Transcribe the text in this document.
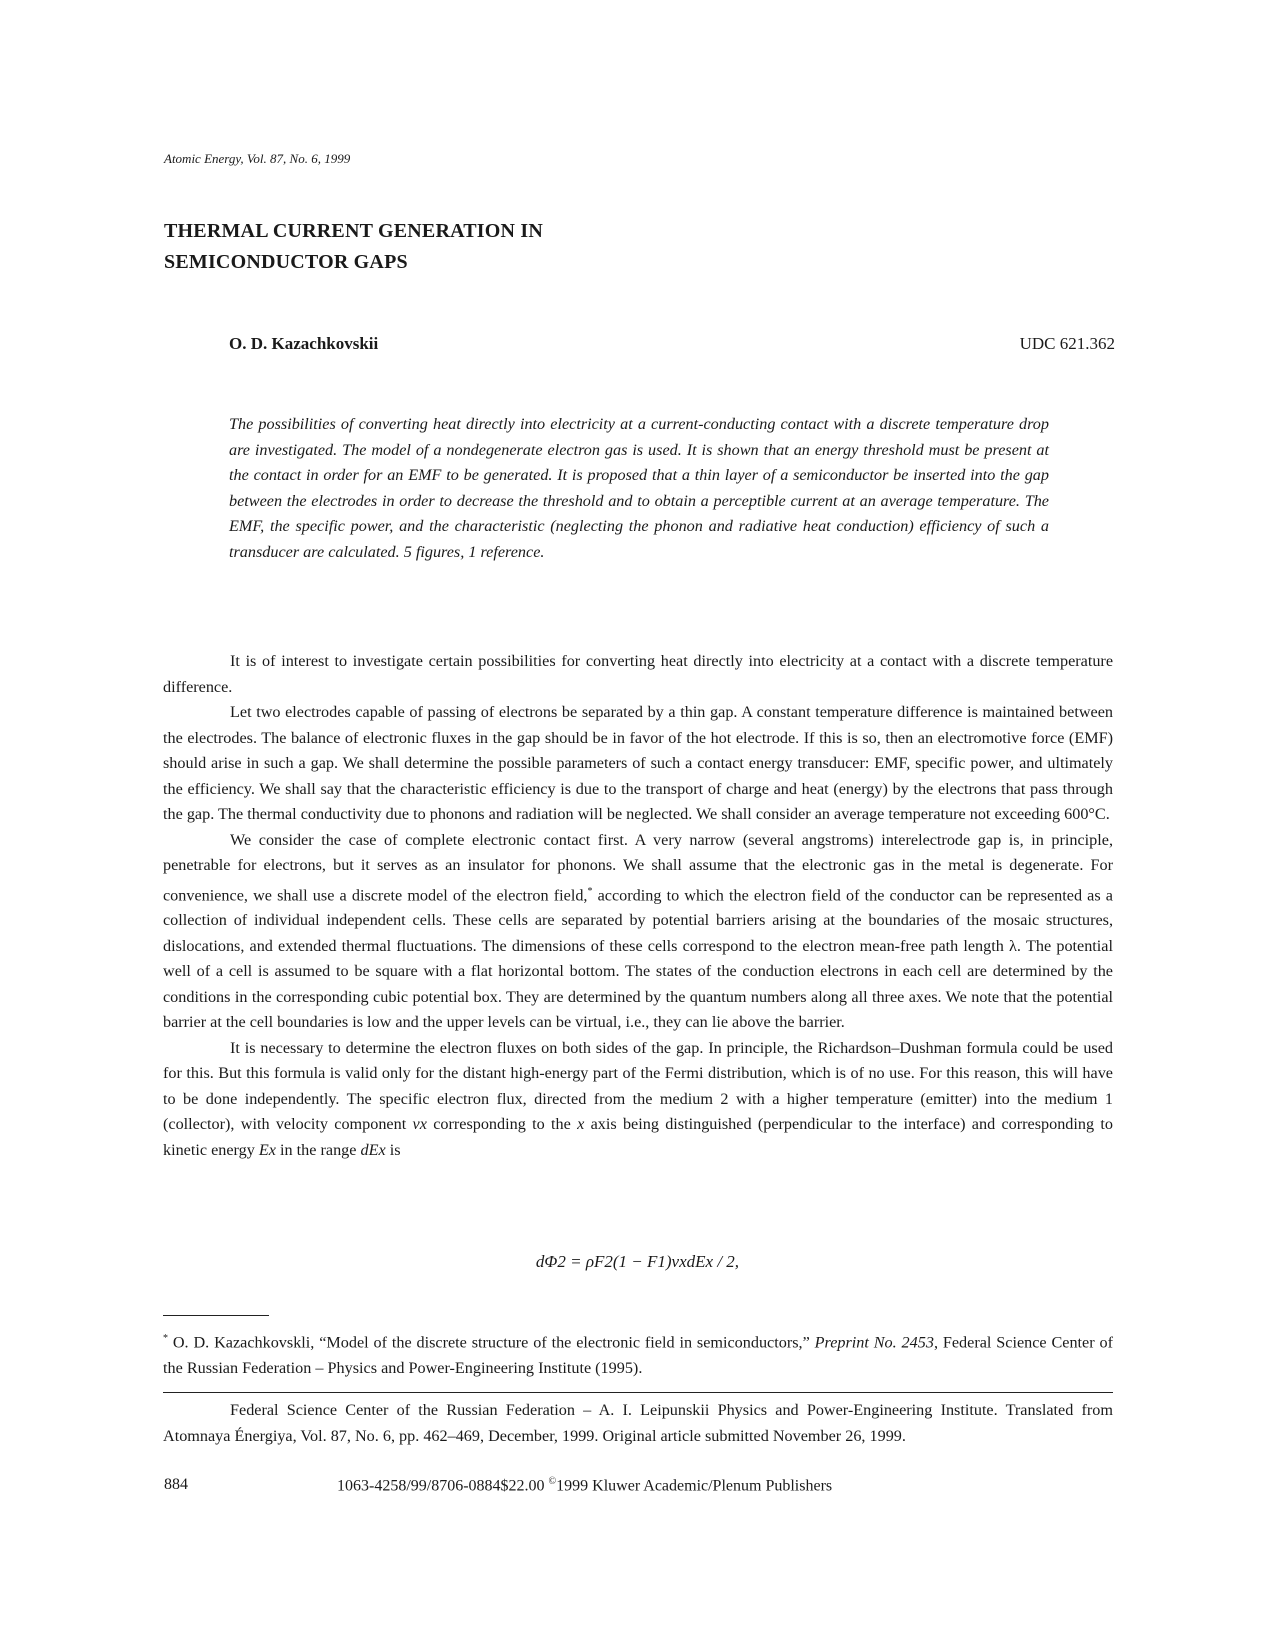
Atomic Energy, Vol. 87, No. 6, 1999
THERMAL CURRENT GENERATION IN
SEMICONDUCTOR GAPS
O. D. Kazachkovskii	UDC 621.362

The possibilities of converting heat directly into electricity at a current-conducting contact with a discrete temperature drop are investigated. The model of a nondegenerate electron gas is used. It is shown that an energy threshold must be present at the contact in order for an EMF to be generated. It is proposed that a thin layer of a semiconductor be inserted into the gap between the electrodes in order to decrease the threshold and to obtain a perceptible current at an average temperature. The EMF, the specific power, and the characteristic (neglecting the phonon and radiative heat conduction) efficiency of such a transducer are calculated. 5 figures, 1 reference.

It is of interest to investigate certain possibilities for converting heat directly into electricity at a contact with a discrete temperature difference.

Let two electrodes capable of passing of electrons be separated by a thin gap. A constant temperature difference is maintained between the electrodes. The balance of electronic fluxes in the gap should be in favor of the hot electrode. If this is so, then an electromotive force (EMF) should arise in such a gap. We shall determine the possible parameters of such a contact energy transducer: EMF, specific power, and ultimately the efficiency. We shall say that the characteristic efficiency is due to the transport of charge and heat (energy) by the electrons that pass through the gap. The thermal conductivity due to phonons and radiation will be neglected. We shall consider an average temperature not exceeding 600°C.

We consider the case of complete electronic contact first. A very narrow (several angstroms) interelectrode gap is, in principle, penetrable for electrons, but it serves as an insulator for phonons. We shall assume that the electronic gas in the metal is degenerate. For convenience, we shall use a discrete model of the electron field,* according to which the electron field of the conductor can be represented as a collection of individual independent cells. These cells are separated by potential barriers arising at the boundaries of the mosaic structures, dislocations, and extended thermal fluctuations. The dimensions of these cells correspond to the electron mean-free path length λ. The potential well of a cell is assumed to be square with a flat horizontal bottom. The states of the conduction electrons in each cell are determined by the conditions in the corresponding cubic potential box. They are determined by the quantum numbers along all three axes. We note that the potential barrier at the cell boundaries is low and the upper levels can be virtual, i.e., they can lie above the barrier.

It is necessary to determine the electron fluxes on both sides of the gap. In principle, the Richardson–Dushman formula could be used for this. But this formula is valid only for the distant high-energy part of the Fermi distribution, which is of no use. For this reason, this will have to be done independently. The specific electron flux, directed from the medium 2 with a higher temperature (emitter) into the medium 1 (collector), with velocity component vx corresponding to the x axis being distinguished (perpendicular to the interface) and corresponding to kinetic energy Ex in the range dEx is

dΦ2 = ρF2(1 − F1)vxdEx / 2,

* O. D. Kazachkovskli, “Model of the discrete structure of the electronic field in semiconductors,” Preprint No. 2453, Federal Science Center of the Russian Federation – Physics and Power-Engineering Institute (1995).

Federal Science Center of the Russian Federation – A. I. Leipunskii Physics and Power-Engineering Institute. Translated from Atomnaya Énergiya, Vol. 87, No. 6, pp. 462–469, December, 1999. Original article submitted November 26, 1999.

884	1063-4258/99/8706-0884$22.00 ©1999 Kluwer Academic/Plenum Publishers
